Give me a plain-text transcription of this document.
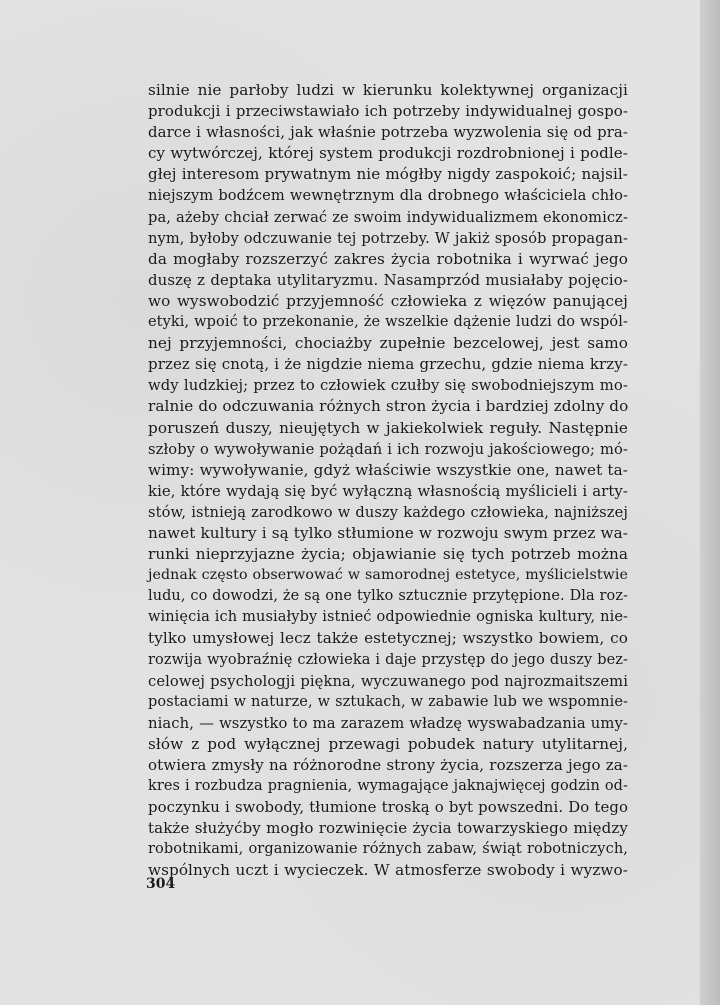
silnie nie parłoby ludzi w kierunku kolektywnej organizacji
produkcji i przeciwstawiało ich potrzeby indywidualnej gospo-
darce i własności, jak właśnie potrzeba wyzwolenia się od pra-
cy wytwórczej, której system produkcji rozdrobnionej i podle-
głej interesom prywatnym nie mógłby nigdy zaspokoić; najsil-
niejszym bodźcem wewnętrznym dla drobnego właściciela chło-
pa, ażeby chciał zerwać ze swoim indywidualizmem ekonomicz-
nym, byłoby odczuwanie tej potrzeby. W jakiż sposób propagan-
da mogłaby rozszerzyć zakres życia robotnika i wyrwać jego
duszę z deptaka utylitaryzmu. Nasamprzód musiałaby pojęcio-
wo wyswobodzić przyjemność człowieka z więzów panującej
etyki, wpoić to przekonanie, że wszelkie dążenie ludzi do wspól-
nej przyjemności, chociażby zupełnie bezcelowej, jest samo
przez się cnotą, i że nigdzie niema grzechu, gdzie niema krzy-
wdy ludzkiej; przez to człowiek czułby się swobodniejszym mo-
ralnie do odczuwania różnych stron życia i bardziej zdolny do
poruszeń duszy, nieujętych w jakiekolwiek reguły. Następnie
szłoby o wywoływanie pożądań i ich rozwoju jakościowego; mó-
wimy: wywoływanie, gdyż właściwie wszystkie one, nawet ta-
kie, które wydają się być wyłączną własnością myślicieli i arty-
stów, istnieją zarodkowo w duszy każdego człowieka, najniższej
nawet kultury i są tylko stłumione w rozwoju swym przez wa-
runki nieprzyjazne życia; objawianie się tych potrzeb można
jednak często obserwować w samorodnej estetyce, myślicielstwie
ludu, co dowodzi, że są one tylko sztucznie przytępione. Dla roz-
winięcia ich musiałyby istnieć odpowiednie ogniska kultury, nie-
tylko umysłowej lecz także estetycznej; wszystko bowiem, co
rozwija wyobraźnię człowieka i daje przystęp do jego duszy bez-
celowej psychologji piękna, wyczuwanego pod najrozmaitszemi
postaciami w naturze, w sztukach, w zabawie lub we wspomnie-
niach, — wszystko to ma zarazem władzę wyswabadzania umy-
słów z pod wyłącznej przewagi pobudek natury utylitarnej,
otwiera zmysły na różnorodne strony życia, rozszerza jego za-
kres i rozbudza pragnienia, wymagające jaknajwięcej godzin od-
poczynku i swobody, tłumione troską o byt powszedni. Do tego
także służyćby mogło rozwinięcie życia towarzyskiego między
robotnikami, organizowanie różnych zabaw, świąt robotniczych,
wspólnych uczt i wycieczek. W atmosferze swobody i wyzwo-
304
